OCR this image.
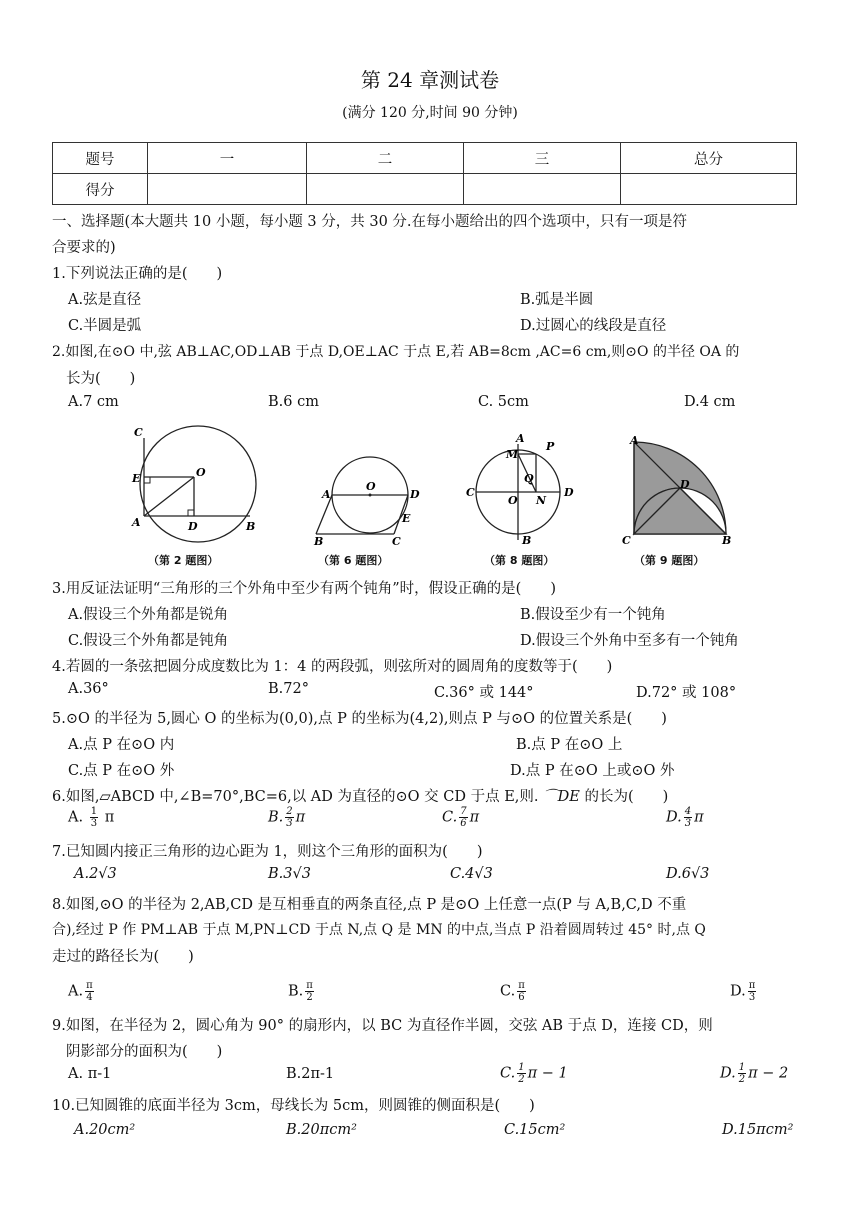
第 24 章测试卷
(满分 120 分,时间 90 分钟)
题号	一	二	三	总分
得分				
一、选择题(本大题共 10 小题，每小题 3 分，共 30 分.在每小题给出的四个选项中，只有一项是符
合要求的)
1.下列说法正确的是(　　)
A.弦是直径	B.弧是半圆
C.半圆是弧	D.过圆心的线段是直径
2.如图,在⊙O 中,弦 AB⊥AC,OD⊥AB 于点 D,OE⊥AC 于点 E,若 AB=8cm ,AC=6 cm,则⊙O 的半径 OA 的
长为(　　)
A.7 cm	B.6 cm	C. 5cm	D.4 cm
C
E	O
A	D	B
（第 2 题图）
A
O
D
E
B	C
（第 6 题图）
A
P
M
Q
C
O N
D
B
（第 8 题图）
A
D
C	B
（第 9 题图）
3.用反证法证明“三角形的三个外角中至少有两个钝角”时，假设正确的是(　　)
A.假设三个外角都是锐角	B.假设至少有一个钝角
C.假设三个外角都是钝角	D.假设三个外角中至多有一个钝角
4.若圆的一条弦把圆分成度数比为 1：4 的两段弧，则弦所对的圆周角的度数等于(　　)
A.36°	B.72°	C.36° 或 144°	D.72° 或 108°
5.⊙O 的半径为 5,圆心 O 的坐标为(0,0),点 P 的坐标为(4,2),则点 P 与⊙O 的位置关系是(　　)
A.点 P 在⊙O 内	B.点 P 在⊙O 上
C.点 P 在⊙O 外	D.点 P 在⊙O 上或⊙O 外
6.如图,▱ABCD 中,∠B=70°,BC=6,以 AD 为直径的⊙O 交 CD 于点 E,则. ⌒DE 的长为(　　)
A. $\frac{1}{3}$ π	B. $\frac{2}{3}$ π	C. $\frac{7}{6}$ π	D. $\frac{4}{3}$ π
7.已知圆内接正三角形的边心距为 1，则这个三角形的面积为(　　)
A.2√3	B.3√3	C.4√3	D.6√3
8.如图,⊙O 的半径为 2,AB,CD 是互相垂直的两条直径,点 P 是⊙O 上任意一点(P 与 A,B,C,D 不重
合),经过 P 作 PM⊥AB 于点 M,PN⊥CD 于点 N,点 Q 是 MN 的中点,当点 P 沿着圆周转过 45° 时,点 Q
走过的路径长为(　　)
A. $\frac{\pi}{4}$	B. $\frac{\pi}{2}$	C. $\frac{\pi}{6}$	D. $\frac{\pi}{3}$
9.如图，在半径为 2，圆心角为 90° 的扇形内，以 BC 为直径作半圆，交弦 AB 于点 D，连接 CD，则
阴影部分的面积为(　　)
A. π-1	B.2π-1	C. $\frac{1}{2}$ π − 1	D. $\frac{1}{2}$ π − 2
10.已知圆锥的底面半径为 3cm，母线长为 5cm，则圆锥的侧面积是(　　)
A.20cm²	B.20πcm²	C.15cm²	D.15πcm²
